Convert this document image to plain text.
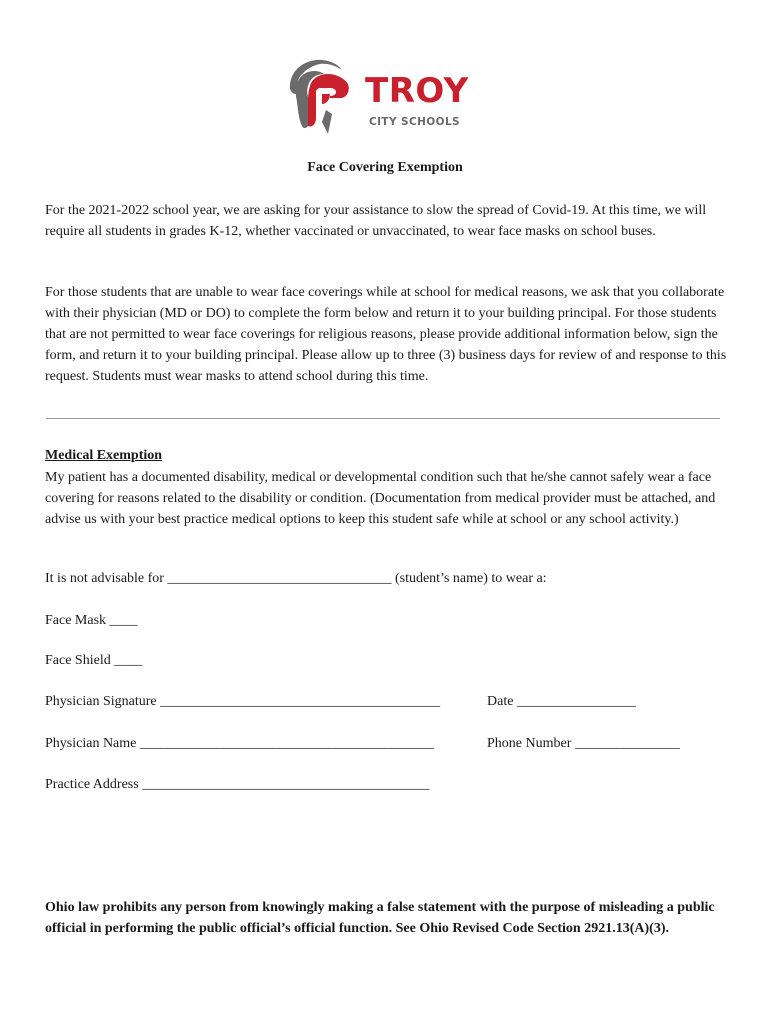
TROY
CITY SCHOOLS
Face Covering Exemption

For the 2021-2022 school year, we are asking for your assistance to slow the spread of Covid-19. At this time, we will require all students in grades K-12, whether vaccinated or unvaccinated, to wear face masks on school buses.

For those students that are unable to wear face coverings while at school for medical reasons, we ask that you collaborate with their physician (MD or DO) to complete the form below and return it to your building principal. For those students that are not permitted to wear face coverings for religious reasons, please provide additional information below, sign the form, and return it to your building principal. Please allow up to three (3) business days for review of and response to this request. Students must wear masks to attend school during this time.

Medical Exemption

My patient has a documented disability, medical or developmental condition such that he/she cannot safely wear a face covering for reasons related to the disability or condition. (Documentation from medical provider must be attached, and advise us with your best practice medical options to keep this student safe while at school or any school activity.)

It is not advisable for ________________________________ (student’s name) to wear a:
Face Mask ____
Face Shield ____
Physician Signature ________________________________________	Date _________________
Physician Name __________________________________________	Phone Number _______________
Practice Address _________________________________________

Ohio law prohibits any person from knowingly making a false statement with the purpose of misleading a public official in performing the public official’s official function. See Ohio Revised Code Section 2921.13(A)(3).
